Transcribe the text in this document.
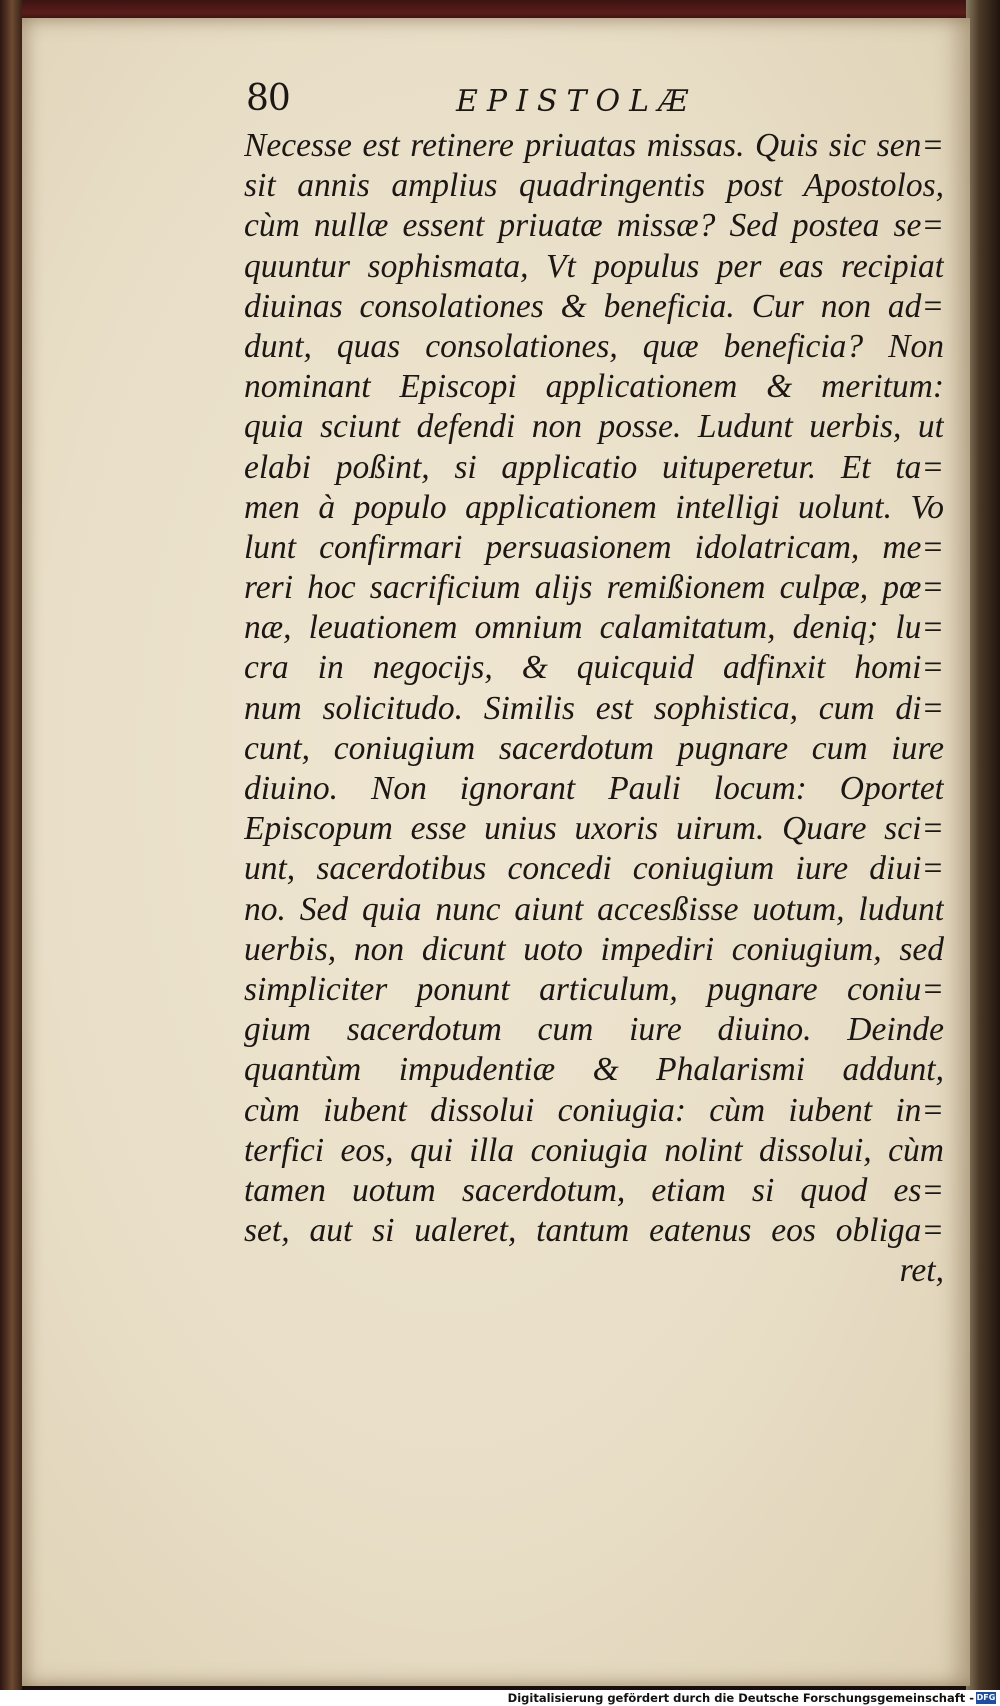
80	EPISTOLÆ
Necesse est retinere priuatas missas. Quis sic sen=
sit annis amplius quadringentis post Apostolos,
cùm nullæ essent priuatæ missæ? Sed postea se=
quuntur sophismata, Vt populus per eas recipiat
diuinas consolationes & beneficia. Cur non ad=
dunt, quas consolationes, quæ beneficia? Non
nominant Episcopi applicationem & meritum:
quia sciunt defendi non posse. Ludunt uerbis, ut
elabi poßint, si applicatio uituperetur. Et ta=
men à populo applicationem intelligi uolunt. Vo
lunt confirmari persuasionem idolatricam, me=
reri hoc sacrificium alijs remißionem culpæ, pœ=
næ, leuationem omnium calamitatum, deniq; lu=
cra in negocijs, & quicquid adfinxit homi=
num solicitudo. Similis est sophistica, cum di=
cunt, coniugium sacerdotum pugnare cum iure
diuino. Non ignorant Pauli locum: Oportet
Episcopum esse unius uxoris uirum. Quare sci=
unt, sacerdotibus concedi coniugium iure diui=
no. Sed quia nunc aiunt accesßisse uotum, ludunt
uerbis, non dicunt uoto impediri coniugium, sed
simpliciter ponunt articulum, pugnare coniu=
gium sacerdotum cum iure diuino. Deinde
quantùm impudentiæ & Phalarismi addunt,
cùm iubent dissolui coniugia: cùm iubent in=
terfici eos, qui illa coniugia nolint dissolui, cùm
tamen uotum sacerdotum, etiam si quod es=
set, aut si ualeret, tantum eatenus eos obliga=
ret,
Digitalisierung gefördert durch die Deutsche Forschungsgemeinschaft - DFG
